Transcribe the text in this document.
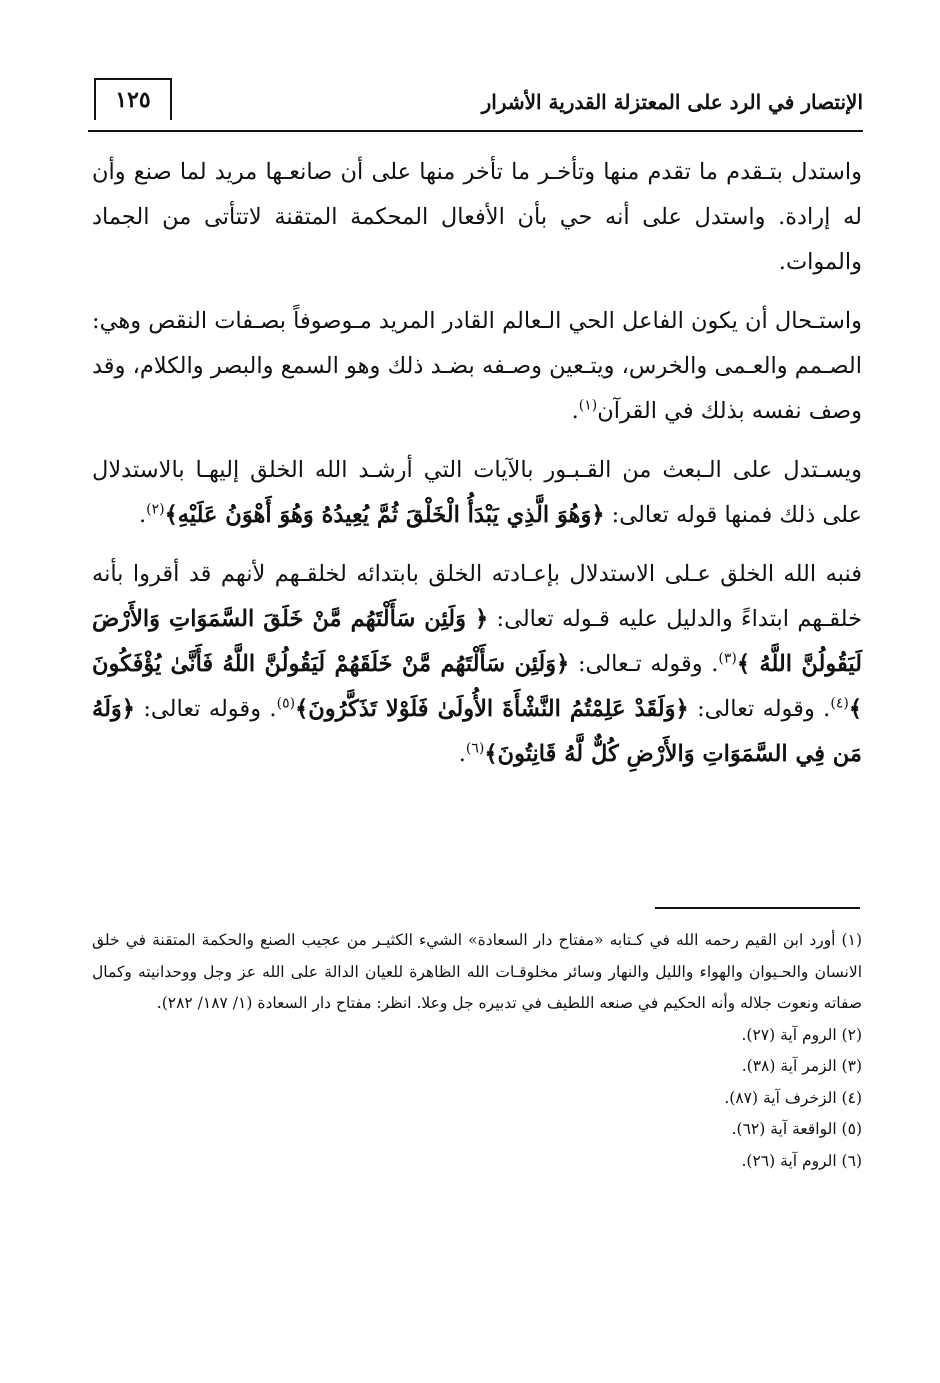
١٢٥	الإنتصار في الرد على المعتزلة القدرية الأشرار

واستدل بتـقدم ما تقدم منها وتأخـر ما تأخر منها على أن صانعـها مريد لما صنع وأن له إرادة. واستدل على أنه حي بأن الأفعال المحكمة المتقنة لاتتأتى من الجماد والموات.

واستـحال أن يكون الفاعل الحي الـعالم القادر المريد مـوصوفاً بصـفات النقص وهي: الصـمم والعـمى والخرس، ويتـعين وصـفه بضـد ذلك وهو السمع والبصر والكلام، وقد وصف نفسه بذلك في القرآن$^{(١)}$.

ويسـتدل على الـبعث من القـبـور بالآيات التي أرشـد الله الخلق إليهـا بالاستدلال على ذلك فمنها قوله تعالى: ﴿وَهُوَ الَّذِي يَبْدَأُ الْخَلْقَ ثُمَّ يُعِيدُهُ وَهُوَ أَهْوَنُ عَلَيْهِ﴾$^{(٢)}$.

فنبه الله الخلق عـلى الاستدلال بإعـادته الخلق بابتدائه لخلقـهم لأنهم قد أقروا بأنه خلقـهم ابتداءً والدليل عليه قـوله تعالى: ﴿ وَلَئِن سَأَلْتَهُم مَّنْ خَلَقَ السَّمَوَاتِ وَالأَرْضَ لَيَقُولُنَّ اللَّهُ ﴾$^{(٣)}$. وقوله تـعالى: ﴿وَلَئِن سَأَلْتَهُم مَّنْ خَلَقَهُمْ لَيَقُولُنَّ اللَّهُ فَأَنَّىٰ يُؤْفَكُونَ ﴾$^{(٤)}$. وقوله تعالى: ﴿وَلَقَدْ عَلِمْتُمُ النَّشْأَةَ الأُولَىٰ فَلَوْلا تَذَكَّرُونَ﴾$^{(٥)}$. وقوله تعالى: ﴿وَلَهُ مَن فِي السَّمَوَاتِ وَالأَرْضِ كُلٌّ لَّهُ قَانِتُونَ﴾$^{(٦)}$.

(١) أورد ابن القيم رحمه الله في كـتابه «مفتاح دار السعادة» الشيء الكثيـر من عجيب الصنع والحكمة المتقنة في خلق الانسان والحـيوان والهواء والليل والنهار وسائر مخلوقـات الله الظاهرة للعيان الدالة على الله عز وجل ووحدانيته وكمال صفاته ونعوت جلاله وأنه الحكيم في صنعه اللطيف في تدبيره جل وعلا. انظر: مفتاح دار السعادة (١/ ١٨٧/ ٢٨٢).

(٢) الروم آية (٢٧).

(٣) الزمر آية (٣٨).

(٤) الزخرف آية (٨٧).

(٥) الواقعة آية (٦٢).

(٦) الروم آية (٢٦).
